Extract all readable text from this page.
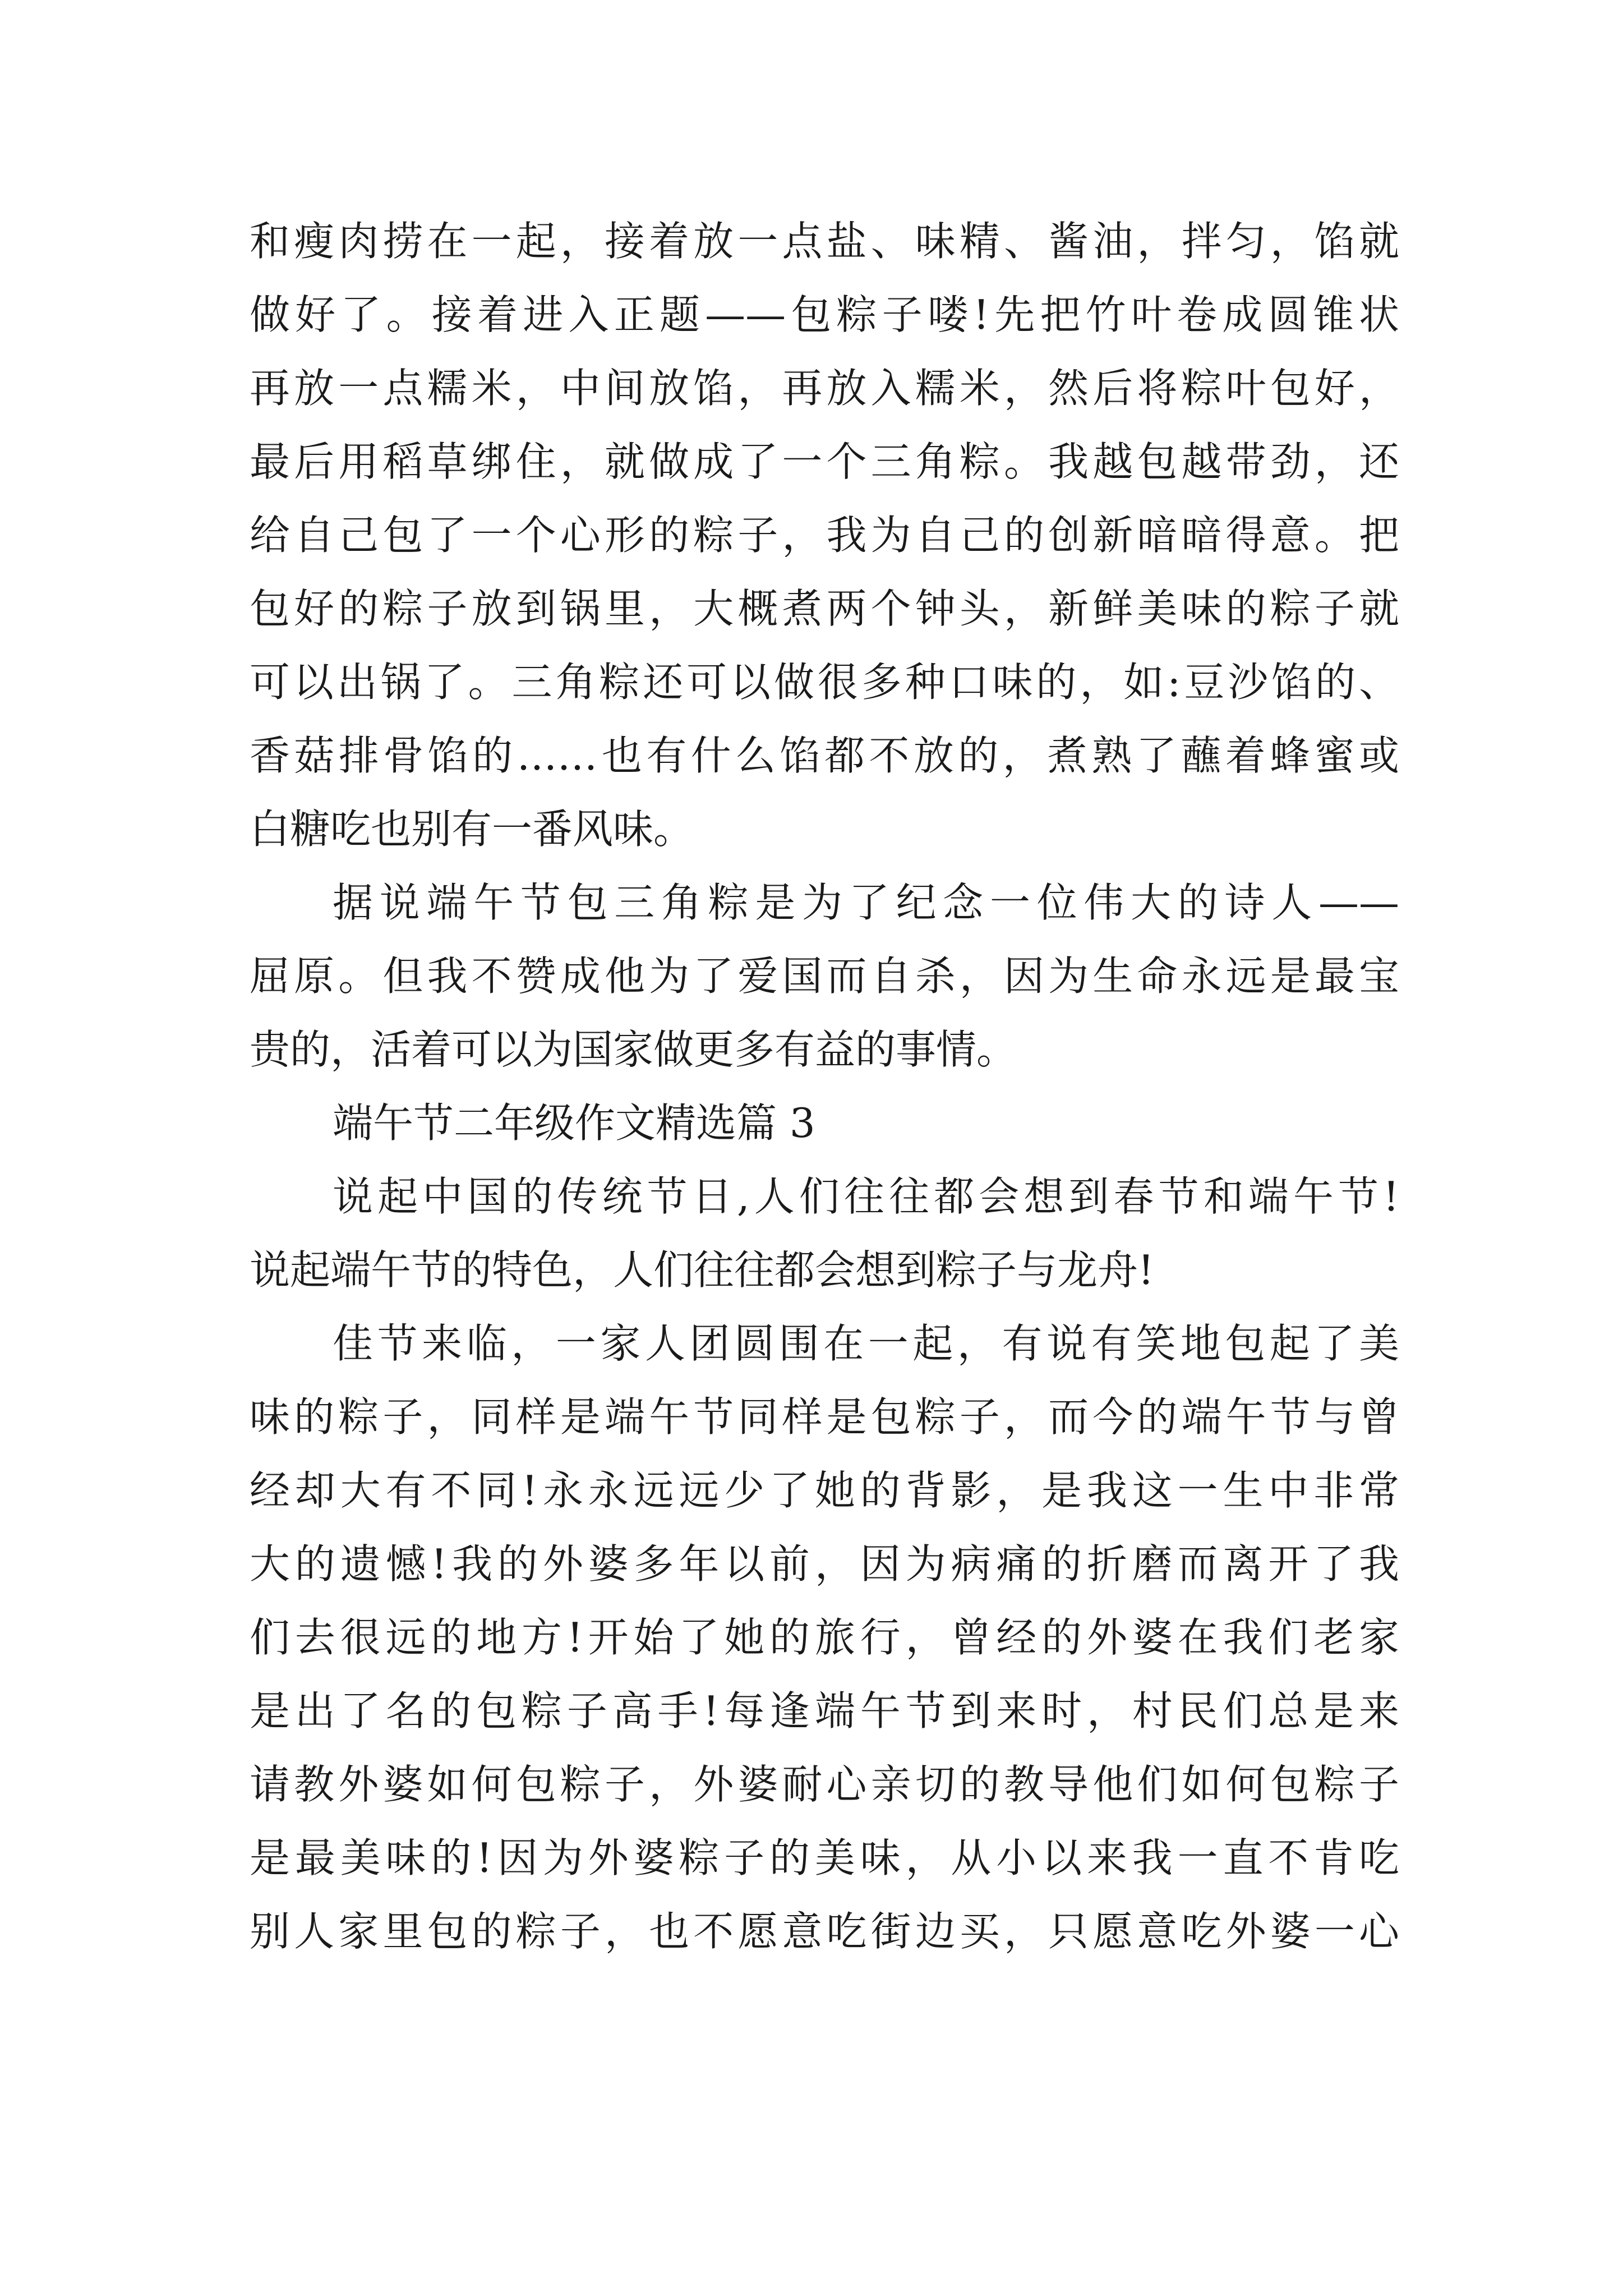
和瘦肉捞在一起，接着放一点盐、味精、酱油，拌匀，馅就
做好了。接着进入正题——包粽子喽!先把竹叶卷成圆锥状
再放一点糯米，中间放馅，再放入糯米，然后将粽叶包好，
最后用稻草绑住，就做成了一个三角粽。我越包越带劲，还
给自己包了一个心形的粽子，我为自己的创新暗暗得意。把
包好的粽子放到锅里，大概煮两个钟头，新鲜美味的粽子就
可以出锅了。三角粽还可以做很多种口味的，如:豆沙馅的、
香菇排骨馅的……也有什么馅都不放的，煮熟了蘸着蜂蜜或
白糖吃也别有一番风味。
据说端午节包三角粽是为了纪念一位伟大的诗人——
屈原。但我不赞成他为了爱国而自杀，因为生命永远是最宝
贵的，活着可以为国家做更多有益的事情。
端午节二年级作文精选篇 3
说起中国的传统节日,人们往往都会想到春节和端午节!
说起端午节的特色，人们往往都会想到粽子与龙舟!
佳节来临，一家人团圆围在一起，有说有笑地包起了美
味的粽子，同样是端午节同样是包粽子，而今的端午节与曾
经却大有不同!永永远远少了她的背影，是我这一生中非常
大的遗憾!我的外婆多年以前，因为病痛的折磨而离开了我
们去很远的地方!开始了她的旅行，曾经的外婆在我们老家
是出了名的包粽子高手!每逢端午节到来时，村民们总是来
请教外婆如何包粽子，外婆耐心亲切的教导他们如何包粽子
是最美味的!因为外婆粽子的美味，从小以来我一直不肯吃
别人家里包的粽子，也不愿意吃街边买，只愿意吃外婆一心
